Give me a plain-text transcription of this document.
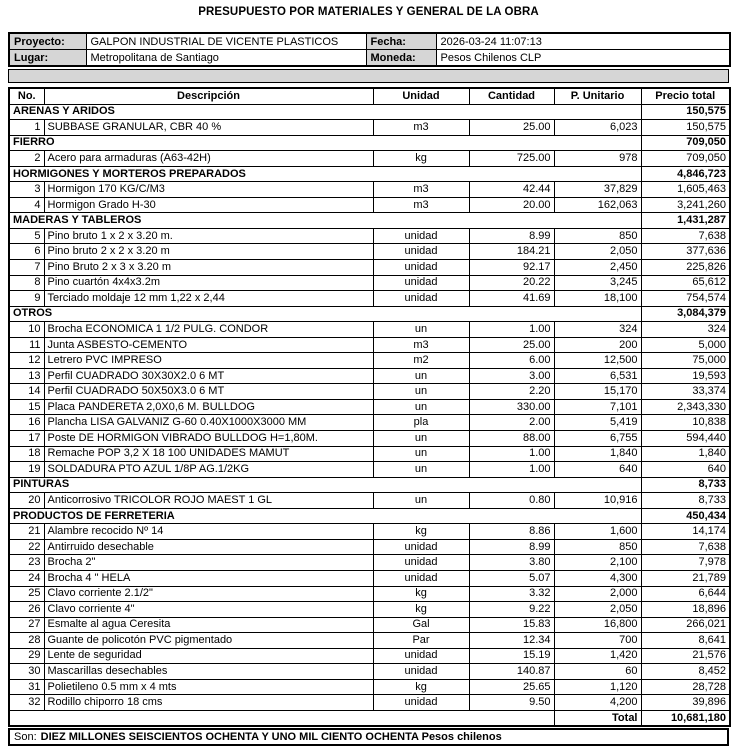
PRESUPUESTO POR MATERIALES Y GENERAL DE LA OBRA
Proyecto:	GALPON INDUSTRIAL DE VICENTE PLASTICOS	Fecha:	2026-03-24 11:07:13
Lugar:	Metropolitana de Santiago	Moneda:	Pesos Chilenos CLP
No.	Descripción	Unidad	Cantidad	P. Unitario	Precio total
ARENAS Y ARIDOS					150,575
1	SUBBASE GRANULAR, CBR 40 %	m3	25.00	6,023	150,575
FIERRO					709,050
2	Acero para armaduras (A63-42H)	kg	725.00	978	709,050
HORMIGONES Y MORTEROS PREPARADOS					4,846,723
3	Hormigon 170 KG/C/M3	m3	42.44	37,829	1,605,463
4	Hormigon Grado H-30	m3	20.00	162,063	3,241,260
MADERAS Y TABLEROS					1,431,287
5	Pino bruto 1 x 2 x 3.20 m.	unidad	8.99	850	7,638
6	Pino bruto 2 x 2 x 3.20 m	unidad	184.21	2,050	377,636
7	Pino Bruto 2 x 3 x 3.20 m	unidad	92.17	2,450	225,826
8	Pino cuartón 4x4x3.2m	unidad	20.22	3,245	65,612
9	Terciado moldaje 12 mm 1,22 x 2,44	unidad	41.69	18,100	754,574
OTROS					3,084,379
10	Brocha ECONOMICA 1 1/2 PULG. CONDOR	un	1.00	324	324
11	Junta ASBESTO-CEMENTO	m3	25.00	200	5,000
12	Letrero PVC IMPRESO	m2	6.00	12,500	75,000
13	Perfil CUADRADO 30X30X2.0 6 MT	un	3.00	6,531	19,593
14	Perfil CUADRADO 50X50X3.0 6 MT	un	2.20	15,170	33,374
15	Placa PANDERETA 2,0X0,6 M. BULLDOG	un	330.00	7,101	2,343,330
16	Plancha LISA GALVANIZ G-60 0.40X1000X3000 MM	pla	2.00	5,419	10,838
17	Poste DE HORMIGON VIBRADO BULLDOG H=1,80M.	un	88.00	6,755	594,440
18	Remache POP 3,2 X 18 100 UNIDADES MAMUT	un	1.00	1,840	1,840
19	SOLDADURA PTO AZUL 1/8P AG.1/2KG	un	1.00	640	640
PINTURAS					8,733
20	Anticorrosivo TRICOLOR ROJO MAEST 1 GL	un	0.80	10,916	8,733
PRODUCTOS DE FERRETERIA					450,434
21	Alambre recocido Nº 14	kg	8.86	1,600	14,174
22	Antirruido desechable	unidad	8.99	850	7,638
23	Brocha 2"	unidad	3.80	2,100	7,978
24	Brocha 4 " HELA	unidad	5.07	4,300	21,789
25	Clavo corriente 2.1/2"	kg	3.32	2,000	6,644
26	Clavo corriente 4"	kg	9.22	2,050	18,896
27	Esmalte al agua Ceresita	Gal	15.83	16,800	266,021
28	Guante de policotón PVC pigmentado	Par	12.34	700	8,641
29	Lente de seguridad	unidad	15.19	1,420	21,576
30	Mascarillas desechables	unidad	140.87	60	8,452
31	Polietileno 0.5 mm x 4 mts	kg	25.65	1,120	28,728
32	Rodillo chiporro 18 cms	unidad	9.50	4,200	39,896
				Total	10,681,180
Son: DIEZ MILLONES SEISCIENTOS OCHENTA Y UNO MIL CIENTO OCHENTA Pesos chilenos
